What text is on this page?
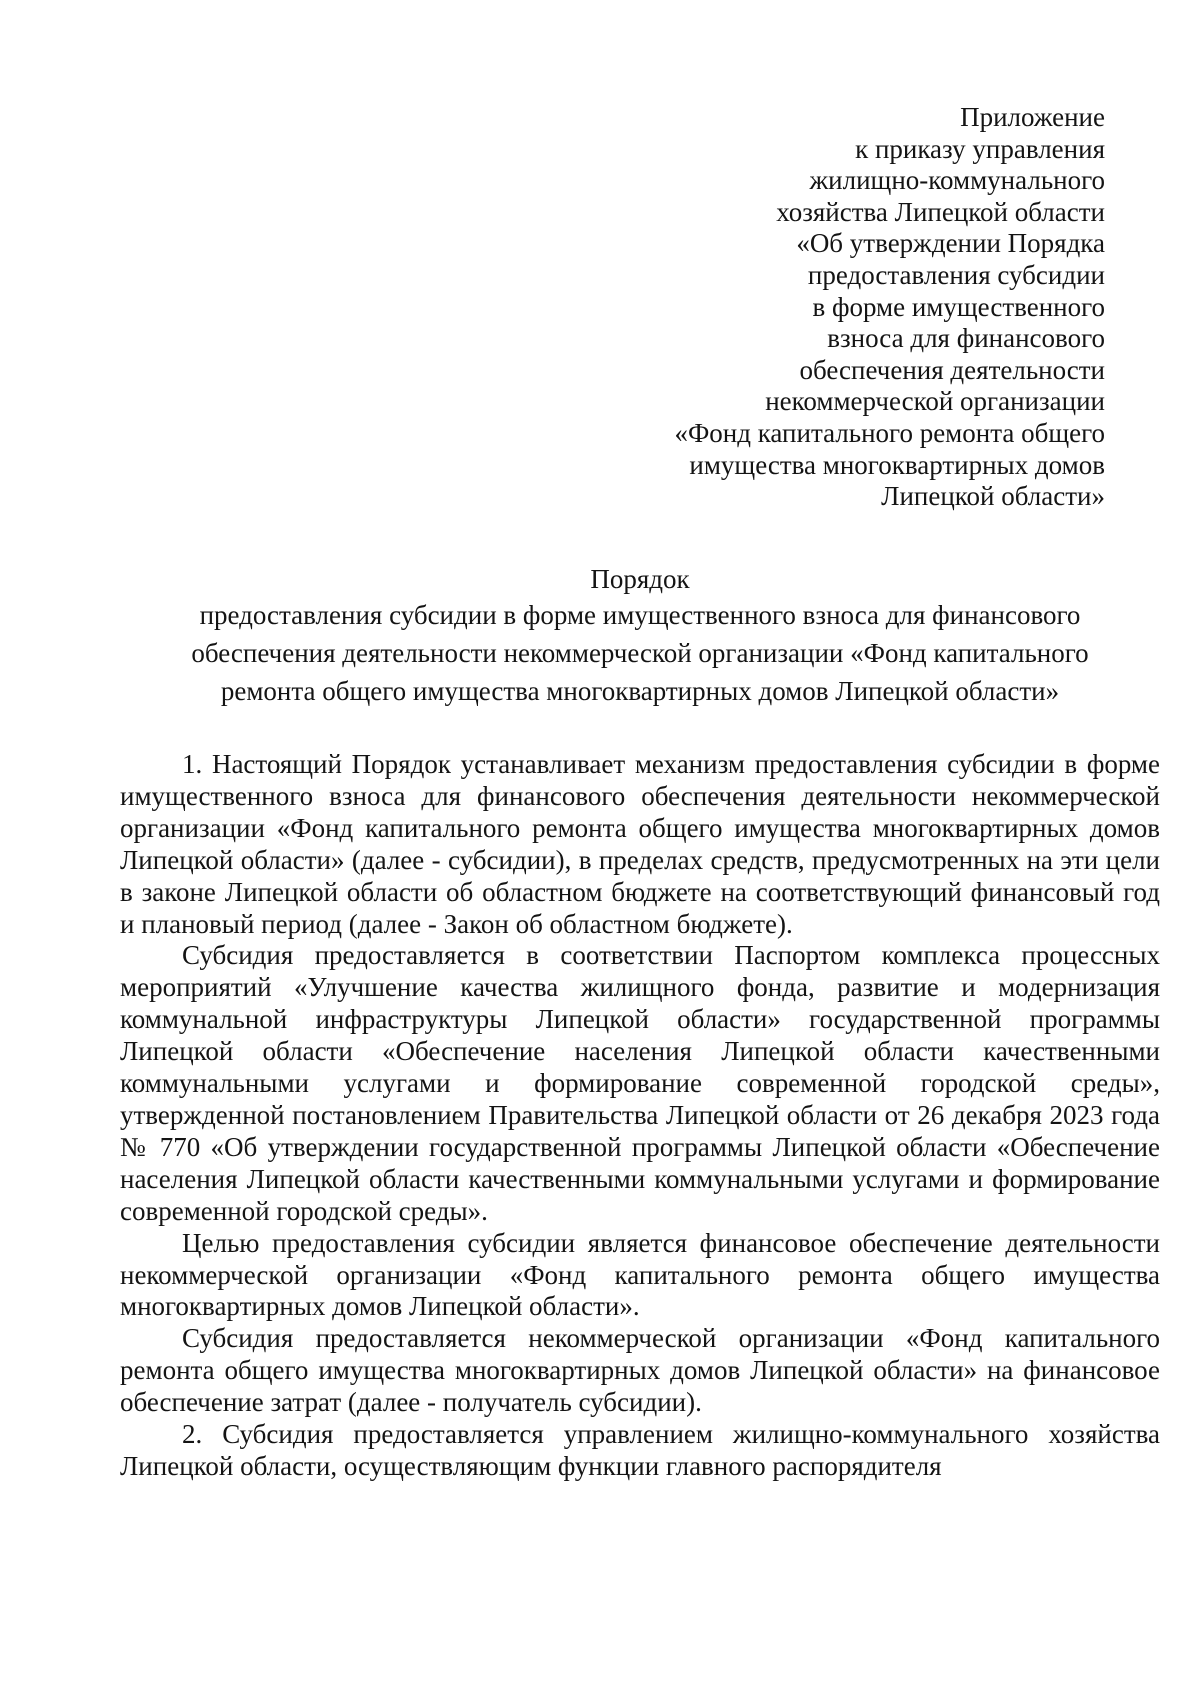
Приложение
к приказу управления
жилищно-коммунального
хозяйства Липецкой области
«Об утверждении Порядка
предоставления субсидии
в форме имущественного
взноса для финансового
обеспечения деятельности
некоммерческой организации
«Фонд капитального ремонта общего
имущества многоквартирных домов
Липецкой области»
Порядок
предоставления субсидии в форме имущественного взноса для финансового
обеспечения деятельности некоммерческой организации «Фонд капитального
ремонта общего имущества многоквартирных домов Липецкой области»

1. Настоящий Порядок устанавливает механизм предоставления субсидии в форме имущественного взноса для финансового обеспечения деятельности некоммерческой организации «Фонд капитального ремонта общего имущества многоквартирных домов Липецкой области» (далее - субсидии), в пределах средств, предусмотренных на эти цели в законе Липецкой области об областном бюджете на соответствующий финансовый год и плановый период (далее - Закон об областном бюджете).

Субсидия предоставляется в соответствии Паспортом комплекса процессных мероприятий «Улучшение качества жилищного фонда, развитие и модернизация коммунальной инфраструктуры Липецкой области» государственной программы Липецкой области «Обеспечение населения Липецкой области качественными коммунальными услугами и формирование современной городской среды», утвержденной постановлением Правительства Липецкой области от 26 декабря 2023 года № 770 «Об утверждении государственной программы Липецкой области «Обеспечение населения Липецкой области качественными коммунальными услугами и формирование современной городской среды».

Целью предоставления субсидии является финансовое обеспечение деятельности некоммерческой организации «Фонд капитального ремонта общего имущества многоквартирных домов Липецкой области».

Субсидия предоставляется некоммерческой организации «Фонд капитального ремонта общего имущества многоквартирных домов Липецкой области» на финансовое обеспечение затрат (далее - получатель субсидии).

2. Субсидия предоставляется управлением жилищно-коммунального хозяйства Липецкой области, осуществляющим функции главного распорядителя
